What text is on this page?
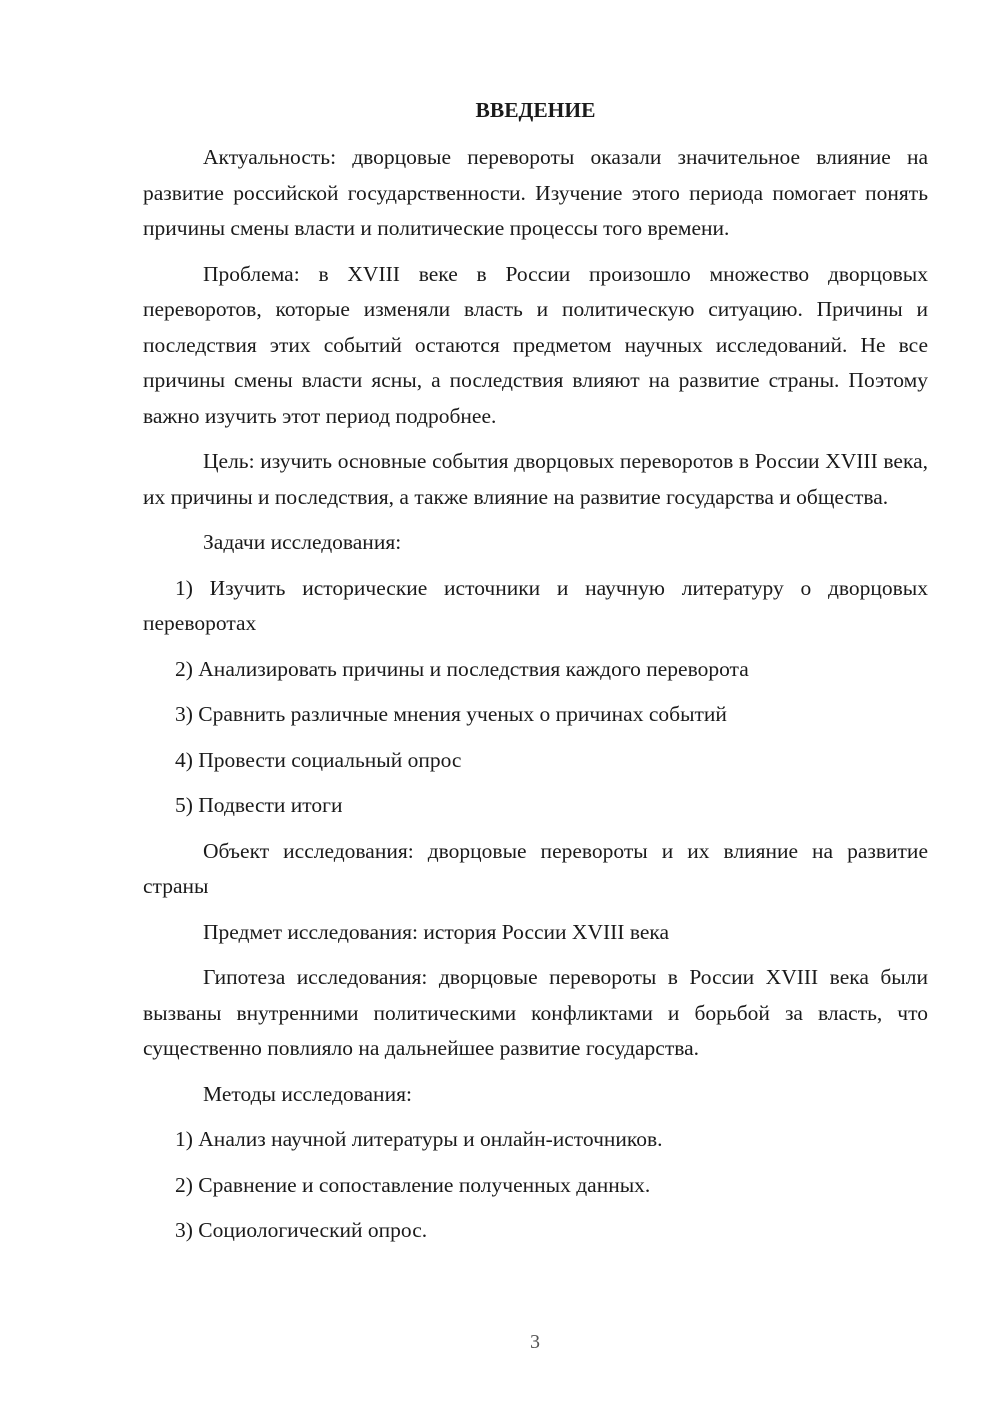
ВВЕДЕНИЕ
Актуальность: дворцовые перевороты оказали значительное влияние на развитие российской государственности. Изучение этого периода помогает понять причины смены власти и политические процессы того времени.
Проблема: в XVIII веке в России произошло множество дворцовых переворотов, которые изменяли власть и политическую ситуацию. Причины и последствия этих событий остаются предметом научных исследований. Не все причины смены власти ясны, а последствия влияют на развитие страны. Поэтому важно изучить этот период подробнее.
Цель: изучить основные события дворцовых переворотов в России XVIII века, их причины и последствия, а также влияние на развитие государства и общества.
Задачи исследования:
1) Изучить исторические источники и научную литературу о дворцовых переворотах
2) Анализировать причины и последствия каждого переворота
3) Сравнить различные мнения ученых о причинах событий
4) Провести социальный опрос
5) Подвести итоги
Объект исследования: дворцовые перевороты и их влияние на развитие страны
Предмет исследования: история России XVIII века
Гипотеза исследования: дворцовые перевороты в России XVIII века были вызваны внутренними политическими конфликтами и борьбой за власть, что существенно повлияло на дальнейшее развитие государства.
Методы исследования:
1) Анализ научной литературы и онлайн-источников.
2) Сравнение и сопоставление полученных данных.
3) Социологический опрос.
3
